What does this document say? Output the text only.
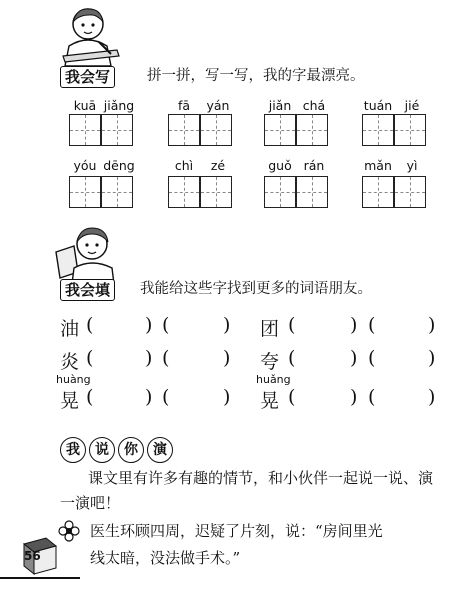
我会写	拼一拼，写一写，我的字最漂亮。
kuā jiǎng	fā	yán	jiǎn chá	tuán jié
yóu dēng	chì	zé	guǒ rán	mǎn	yì
我会填	我能给这些字找到更多的词语朋友。
油 (	) (	) 团 (	) (	)
炎 (	) (	) 夸 (	) (	)
huàng	huǎng
晃 (	) (	) 晃 (	) (	)
我	说	你	演
课文里有许多有趣的情节，和小伙伴一起说一说、演
一演吧！
医生环顾四周，迟疑了片刻，说：“房间里光
线太暗，没法做手术。”
56
